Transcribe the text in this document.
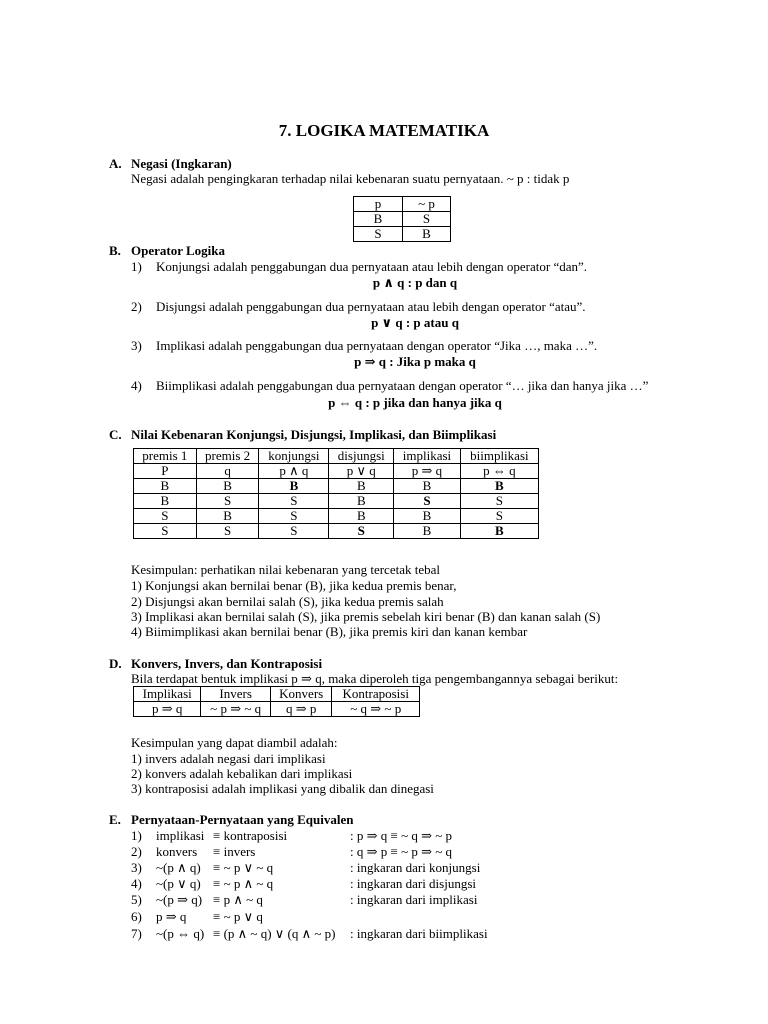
7. LOGIKA MATEMATIKA
A. Negasi (Ingkaran)
Negasi adalah pengingkaran terhadap nilai kebenaran suatu pernyataan. ~ p : tidak p
p	~ p
B	S
S	B
B. Operator Logika
1) Konjungsi adalah penggabungan dua pernyataan atau lebih dengan operator “dan”.
p ∧ q : p dan q
2) Disjungsi adalah penggabungan dua pernyataan atau lebih dengan operator “atau”.
p ∨ q : p atau q
3) Implikasi adalah penggabungan dua pernyataan dengan operator “Jika …, maka …”.
p ⇒ q : Jika p maka q
4) Biimplikasi adalah penggabungan dua pernyataan dengan operator “… jika dan hanya jika …”
p ⇔ q : p jika dan hanya jika q
C. Nilai Kebenaran Konjungsi, Disjungsi, Implikasi, dan Biimplikasi
premis 1	premis 2	konjungsi	disjungsi	implikasi	biimplikasi
P	q	p ∧ q	p ∨ q	p ⇒ q	p ⇔ q
B	B	B	B	B	B
B	S	S	B	S	S
S	B	S	B	B	S
S	S	S	S	B	B
Kesimpulan: perhatikan nilai kebenaran yang tercetak tebal
1) Konjungsi akan bernilai benar (B), jika kedua premis benar,
2) Disjungsi akan bernilai salah (S), jika kedua premis salah
3) Implikasi akan bernilai salah (S), jika premis sebelah kiri benar (B) dan kanan salah (S)
4) Biimimplikasi akan bernilai benar (B), jika premis kiri dan kanan kembar
D. Konvers, Invers, dan Kontraposisi
Bila terdapat bentuk implikasi p ⇒ q, maka diperoleh tiga pengembangannya sebagai berikut:
Implikasi	Invers	Konvers	Kontraposisi
p ⇒ q	~ p ⇒ ~ q	q ⇒ p	~ q ⇒ ~ p
Kesimpulan yang dapat diambil adalah:
1) invers adalah negasi dari implikasi
2) konvers adalah kebalikan dari implikasi
3) kontraposisi adalah implikasi yang dibalik dan dinegasi
E. Pernyataan-Pernyataan yang Equivalen
1) implikasi ≡ kontraposisi	: p ⇒ q ≡ ~ q ⇒ ~ p
2) konvers ≡ invers	: q ⇒ p ≡ ~ p ⇒ ~ q
3) ~(p ∧ q) ≡ ~ p ∨ ~ q	: ingkaran dari konjungsi
4) ~(p ∨ q) ≡ ~ p ∧ ~ q	: ingkaran dari disjungsi
5) ~(p ⇒ q) ≡ p ∧ ~ q	: ingkaran dari implikasi
6) p ⇒ q ≡ ~ p ∨ q
7) ~(p ⇔ q) ≡ (p ∧ ~ q) ∨ (q ∧ ~ p) : ingkaran dari biimplikasi
